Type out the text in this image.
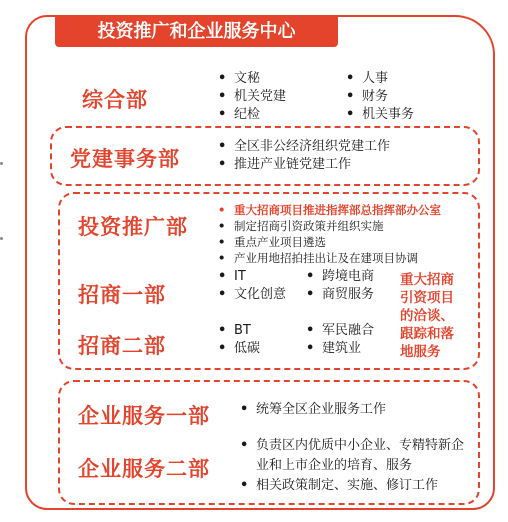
投资推广和企业服务中心
综合部
• 文秘
• 机关党建
• 纪检
• 人事
• 财务
• 机关事务
党建事务部
• 全区非公经济组织党建工作
• 推进产业链党建工作
投资推广部
• 重大招商项目推进指挥部总指挥部办公室
• 制定招商引资政策并组织实施
• 重点产业项目遴选
• 产业用地招拍挂出让及在建项目协调
招商一部
• IT
• 文化创意
• 跨境电商
• 商贸服务
招商二部
• BT
• 低碳
• 军民融合
• 建筑业
重大招商
引资项目
的洽谈、
跟踪和落
地服务
企业服务一部
•	统筹全区企业服务工作
企业服务二部
• 负责区内优质中小企业、专精特新企业和上市企业的培育、服务
• 相关政策制定、实施、修订工作
